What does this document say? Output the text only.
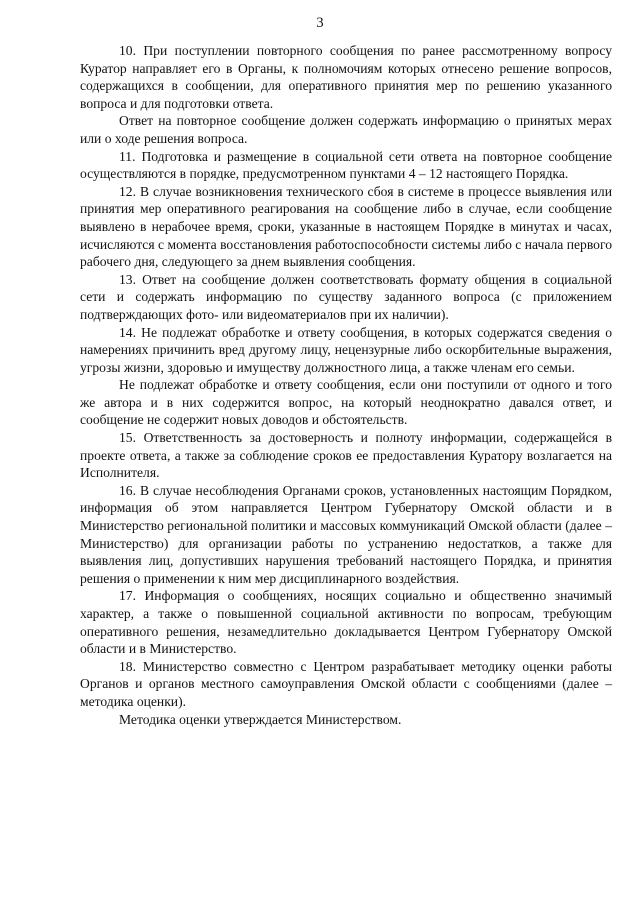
3

10. При поступлении повторного сообщения по ранее рассмотренному вопросу Куратор направляет его в Органы, к полномочиям которых отнесено решение вопросов, содержащихся в сообщении, для оперативного принятия мер по решению указанного вопроса и для подготовки ответа.

Ответ на повторное сообщение должен содержать информацию о принятых мерах или о ходе решения вопроса.

11. Подготовка и размещение в социальной сети ответа на повторное сообщение осуществляются в порядке, предусмотренном пунктами 4 – 12 настоящего Порядка.

12. В случае возникновения технического сбоя в системе в процессе выявления или принятия мер оперативного реагирования на сообщение либо в случае, если сообщение выявлено в нерабочее время, сроки, указанные в настоящем Порядке в минутах и часах, исчисляются с момента восстановления работоспособности системы либо с начала первого рабочего дня, следующего за днем выявления сообщения.

13. Ответ на сообщение должен соответствовать формату общения в социальной сети и содержать информацию по существу заданного вопроса (с приложением подтверждающих фото- или видеоматериалов при их наличии).

14. Не подлежат обработке и ответу сообщения, в которых содержатся сведения о намерениях причинить вред другому лицу, нецензурные либо оскорбительные выражения, угрозы жизни, здоровью и имуществу должностного лица, а также членам его семьи.

Не подлежат обработке и ответу сообщения, если они поступили от одного и того же автора и в них содержится вопрос, на который неоднократно давался ответ, и сообщение не содержит новых доводов и обстоятельств.

15. Ответственность за достоверность и полноту информации, содержащейся в проекте ответа, а также за соблюдение сроков ее предоставления Куратору возлагается на Исполнителя.

16. В случае несоблюдения Органами сроков, установленных настоящим Порядком, информация об этом направляется Центром Губернатору Омской области и в Министерство региональной политики и массовых коммуникаций Омской области (далее – Министерство) для организации работы по устранению недостатков, а также для выявления лиц, допустивших нарушения требований настоящего Порядка, и принятия решения о применении к ним мер дисциплинарного воздействия.

17. Информация о сообщениях, носящих социально и общественно значимый характер, а также о повышенной социальной активности по вопросам, требующим оперативного решения, незамедлительно докладывается Центром Губернатору Омской области и в Министерство.

18. Министерство совместно с Центром разрабатывает методику оценки работы Органов и органов местного самоуправления Омской области с сообщениями (далее – методика оценки).

Методика оценки утверждается Министерством.
